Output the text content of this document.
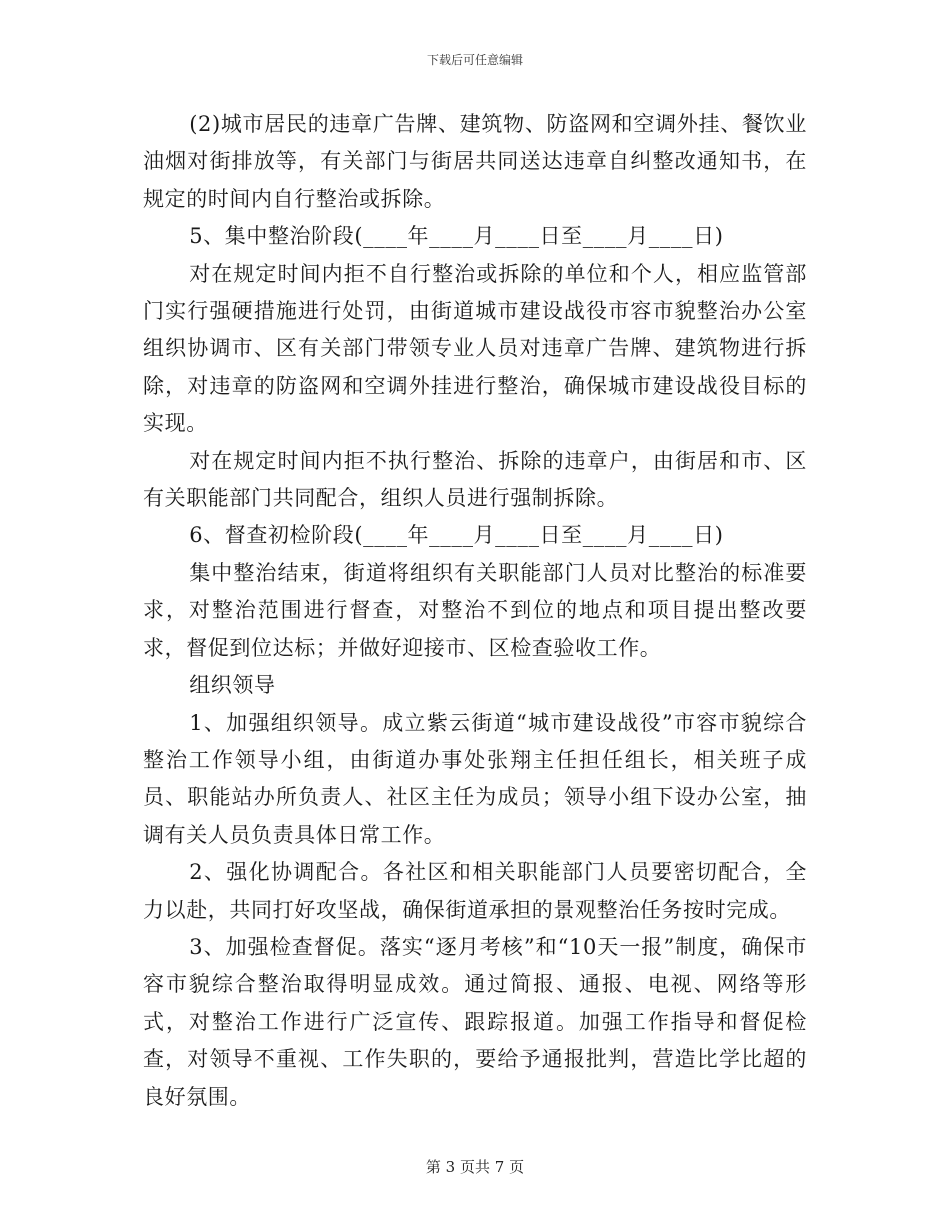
下载后可任意编辑

(2)城市居民的违章广告牌、建筑物、防盗网和空调外挂、餐饮业油烟对街排放等，有关部门与街居共同送达违章自纠整改通知书，在规定的时间内自行整治或拆除。

5、集中整治阶段(____年____月____日至____月____日)

对在规定时间内拒不自行整治或拆除的单位和个人，相应监管部门实行强硬措施进行处罚，由街道城市建设战役市容市貌整治办公室组织协调市、区有关部门带领专业人员对违章广告牌、建筑物进行拆除，对违章的防盗网和空调外挂进行整治，确保城市建设战役目标的实现。

对在规定时间内拒不执行整治、拆除的违章户，由街居和市、区有关职能部门共同配合，组织人员进行强制拆除。

6、督查初检阶段(____年____月____日至____月____日)

集中整治结束，街道将组织有关职能部门人员对比整治的标准要求，对整治范围进行督查，对整治不到位的地点和项目提出整改要求，督促到位达标；并做好迎接市、区检查验收工作。

组织领导

1、加强组织领导。成立紫云街道“城市建设战役”市容市貌综合整治工作领导小组，由街道办事处张翔主任担任组长，相关班子成员、职能站办所负责人、社区主任为成员；领导小组下设办公室，抽调有关人员负责具体日常工作。

2、强化协调配合。各社区和相关职能部门人员要密切配合，全力以赴，共同打好攻坚战，确保街道承担的景观整治任务按时完成。

3、加强检查督促。落实“逐月考核”和“10天一报”制度，确保市容市貌综合整治取得明显成效。通过简报、通报、电视、网络等形式，对整治工作进行广泛宣传、跟踪报道。加强工作指导和督促检查，对领导不重视、工作失职的，要给予通报批判，营造比学比超的良好氛围。

第 3 页共 7 页
